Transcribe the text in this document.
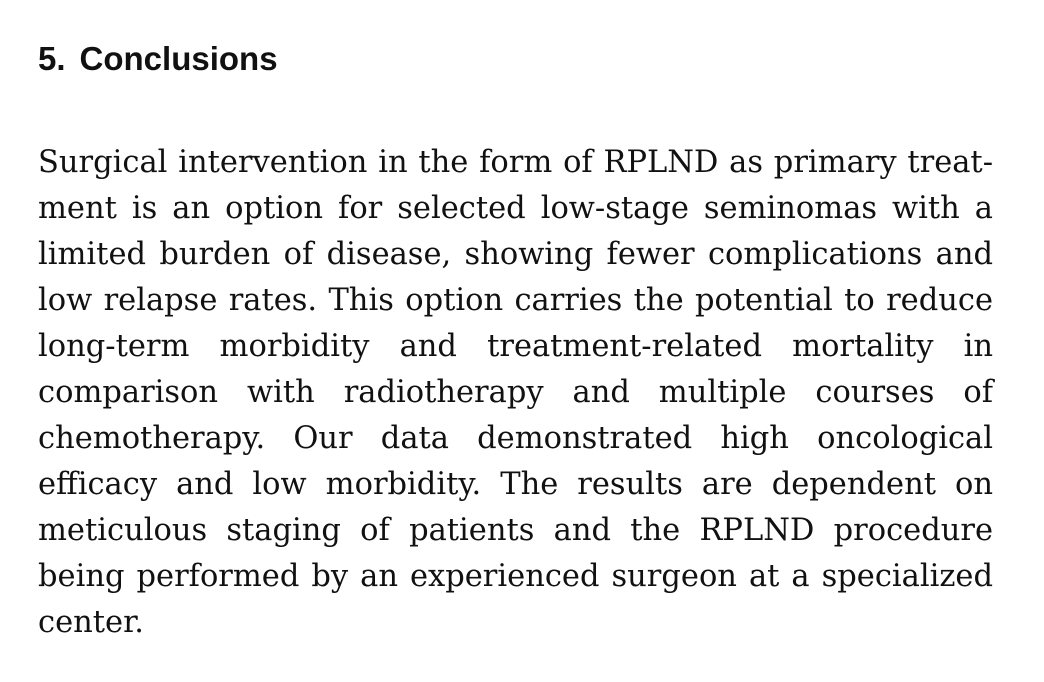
5. Conclusions

Surgical intervention in the form of RPLND as primary treatment is an option for selected low-stage seminomas with a limited burden of disease, showing fewer complications and low relapse rates. This option carries the potential to reduce long-term morbidity and treatment-related mortality in comparison with radiotherapy and multiple courses of chemotherapy. Our data demonstrated high oncological efficacy and low morbidity. The results are dependent on meticulous staging of patients and the RPLND procedure being performed by an experienced surgeon at a specialized center.
